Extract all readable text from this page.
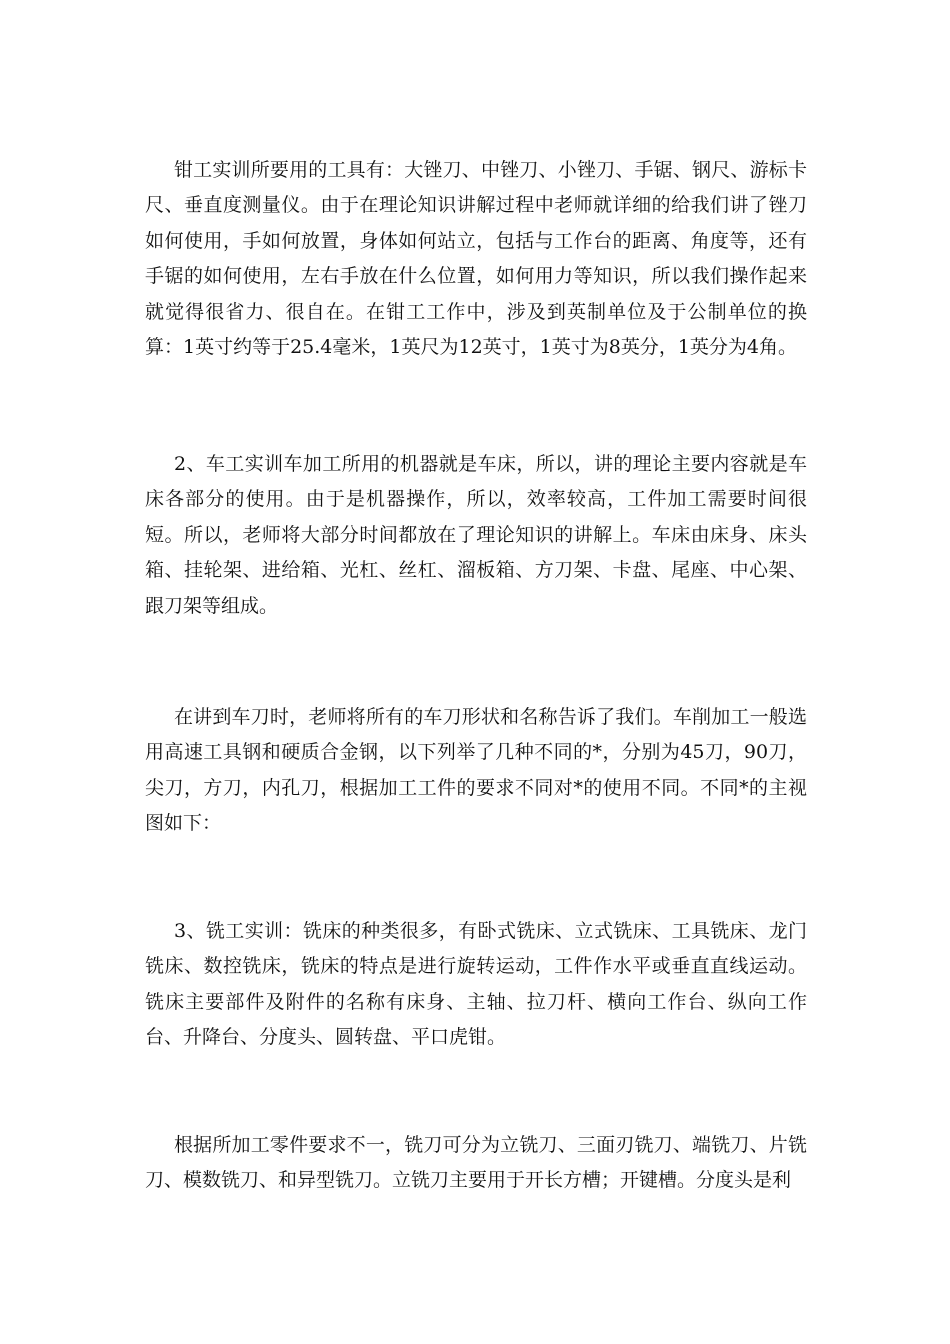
钳工实训所要用的工具有：大锉刀、中锉刀、小锉刀、手锯、钢尺、游标卡尺、垂直度测量仪。由于在理论知识讲解过程中老师就详细的给我们讲了锉刀如何使用，手如何放置，身体如何站立，包括与工作台的距离、角度等，还有手锯的如何使用，左右手放在什么位置，如何用力等知识，所以我们操作起来就觉得很省力、很自在。在钳工工作中，涉及到英制单位及于公制单位的换算：1英寸约等于25.4毫米，1英尺为12英寸，1英寸为8英分，1英分为4角。

2、车工实训车加工所用的机器就是车床，所以，讲的理论主要内容就是车床各部分的使用。由于是机器操作，所以，效率较高，工件加工需要时间很短。所以，老师将大部分时间都放在了理论知识的讲解上。车床由床身、床头箱、挂轮架、进给箱、光杠、丝杠、溜板箱、方刀架、卡盘、尾座、中心架、跟刀架等组成。

在讲到车刀时，老师将所有的车刀形状和名称告诉了我们。车削加工一般选用高速工具钢和硬质合金钢，以下列举了几种不同的*，分别为45刀，90刀，尖刀，方刀，内孔刀，根据加工工件的要求不同对*的使用不同。不同*的主视图如下：

3、铣工实训：铣床的种类很多，有卧式铣床、立式铣床、工具铣床、龙门铣床、数控铣床，铣床的特点是进行旋转运动，工件作水平或垂直直线运动。铣床主要部件及附件的名称有床身、主轴、拉刀杆、横向工作台、纵向工作台、升降台、分度头、圆转盘、平口虎钳。

根据所加工零件要求不一，铣刀可分为立铣刀、三面刃铣刀、端铣刀、片铣刀、模数铣刀、和异型铣刀。立铣刀主要用于开长方槽；开键槽。分度头是利
